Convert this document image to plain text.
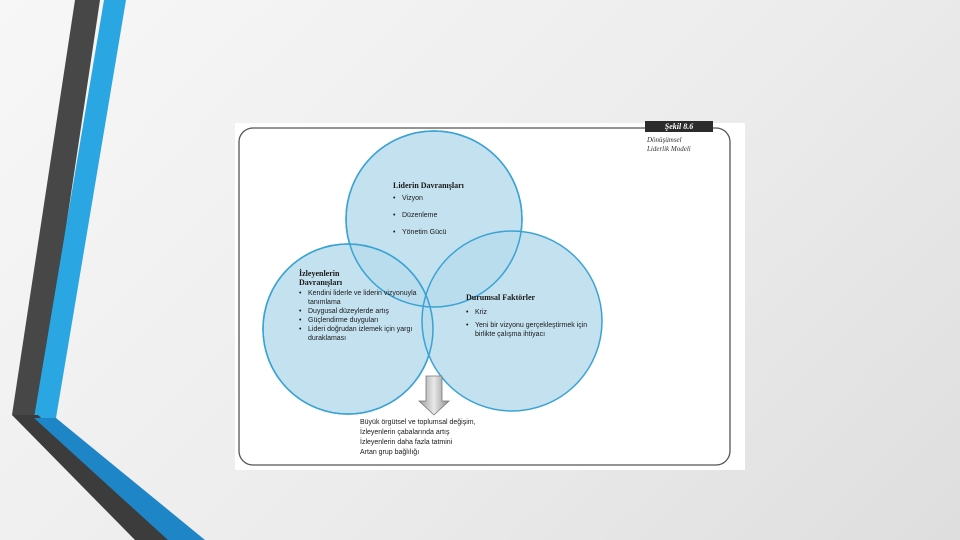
Şekil 8.6
Dönüşümsel
Liderlik Modeli
Liderin Davranışları
• Vizyon
• Düzenleme
• Yönetim Gücü
İzleyenlerin
Davranışları
• Kendini liderle ve liderin vizyonuyla tanımlama
• Duygusal düzeylerde artış
• Güçlendirme duyguları
• Lideri doğrudan izlemek için yargı duraklaması
Durumsal Faktörler
• Kriz
• Yeni bir vizyonu gerçekleştirmek için birlikte çalışma ihtiyacı
Büyük örgütsel ve toplumsal değişim,
İzleyenlerin çabalarında artış
İzleyenlerin daha fazla tatmini
Artan grup bağlılığı
